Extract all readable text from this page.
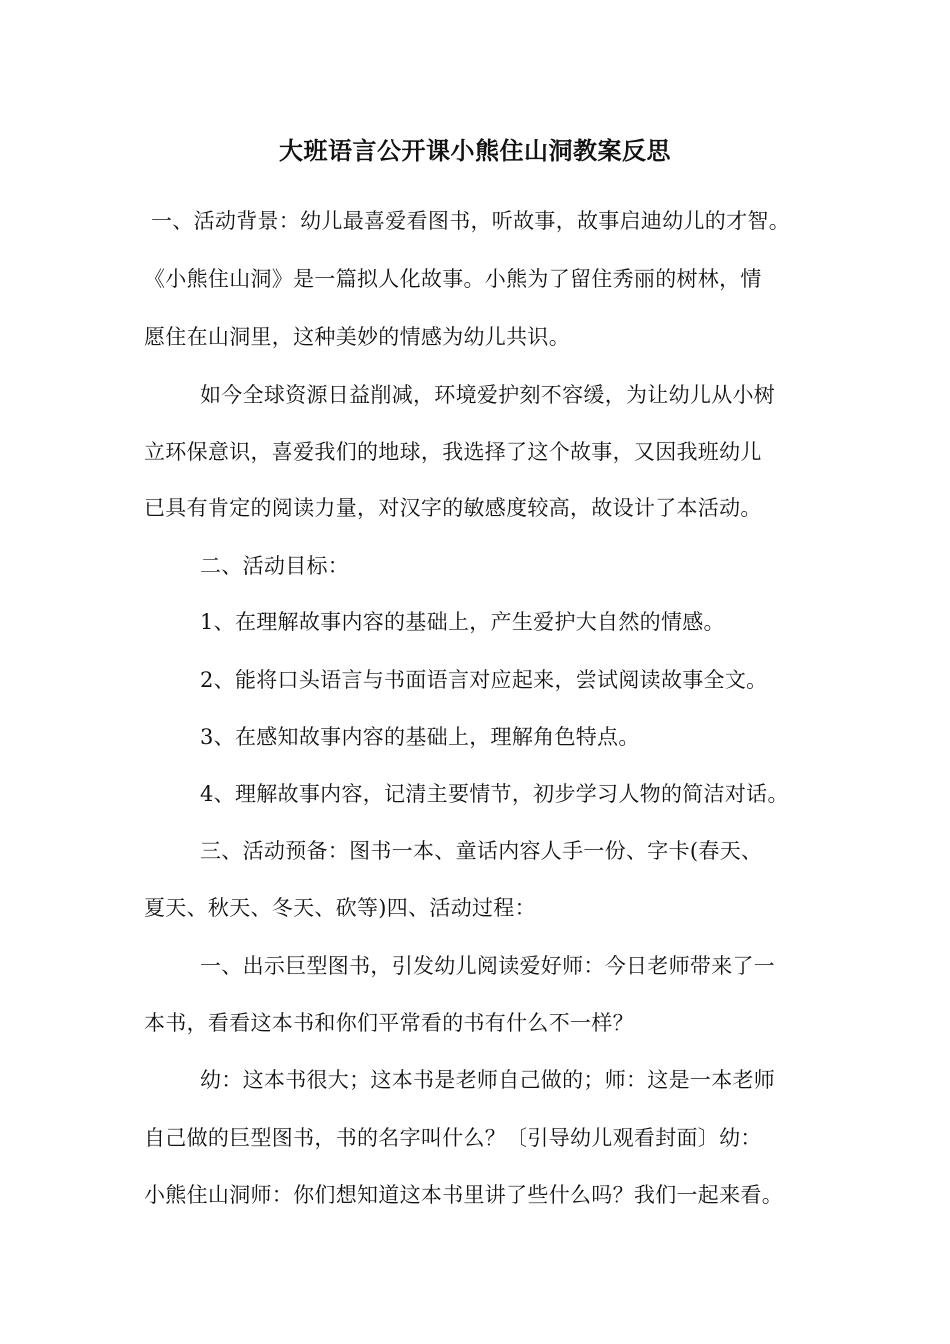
大班语言公开课小熊住山洞教案反思
一、活动背景：幼儿最喜爱看图书，听故事，故事启迪幼儿的才智。
《小熊住山洞》是一篇拟人化故事。小熊为了留住秀丽的树林，情
愿住在山洞里，这种美妙的情感为幼儿共识。
如今全球资源日益削减，环境爱护刻不容缓，为让幼儿从小树
立环保意识，喜爱我们的地球，我选择了这个故事，又因我班幼儿
已具有肯定的阅读力量，对汉字的敏感度较高，故设计了本活动。
二、活动目标：
1、在理解故事内容的基础上，产生爱护大自然的情感。
2、能将口头语言与书面语言对应起来，尝试阅读故事全文。
3、在感知故事内容的基础上，理解角色特点。
4、理解故事内容，记清主要情节，初步学习人物的简洁对话。
三、活动预备：图书一本、童话内容人手一份、字卡(春天、
夏天、秋天、冬天、砍等)四、活动过程：
一、出示巨型图书，引发幼儿阅读爱好师：今日老师带来了一
本书，看看这本书和你们平常看的书有什么不一样？
幼：这本书很大；这本书是老师自己做的；师：这是一本老师
自己做的巨型图书，书的名字叫什么？〔引导幼儿观看封面〕幼：
小熊住山洞师：你们想知道这本书里讲了些什么吗？我们一起来看。
